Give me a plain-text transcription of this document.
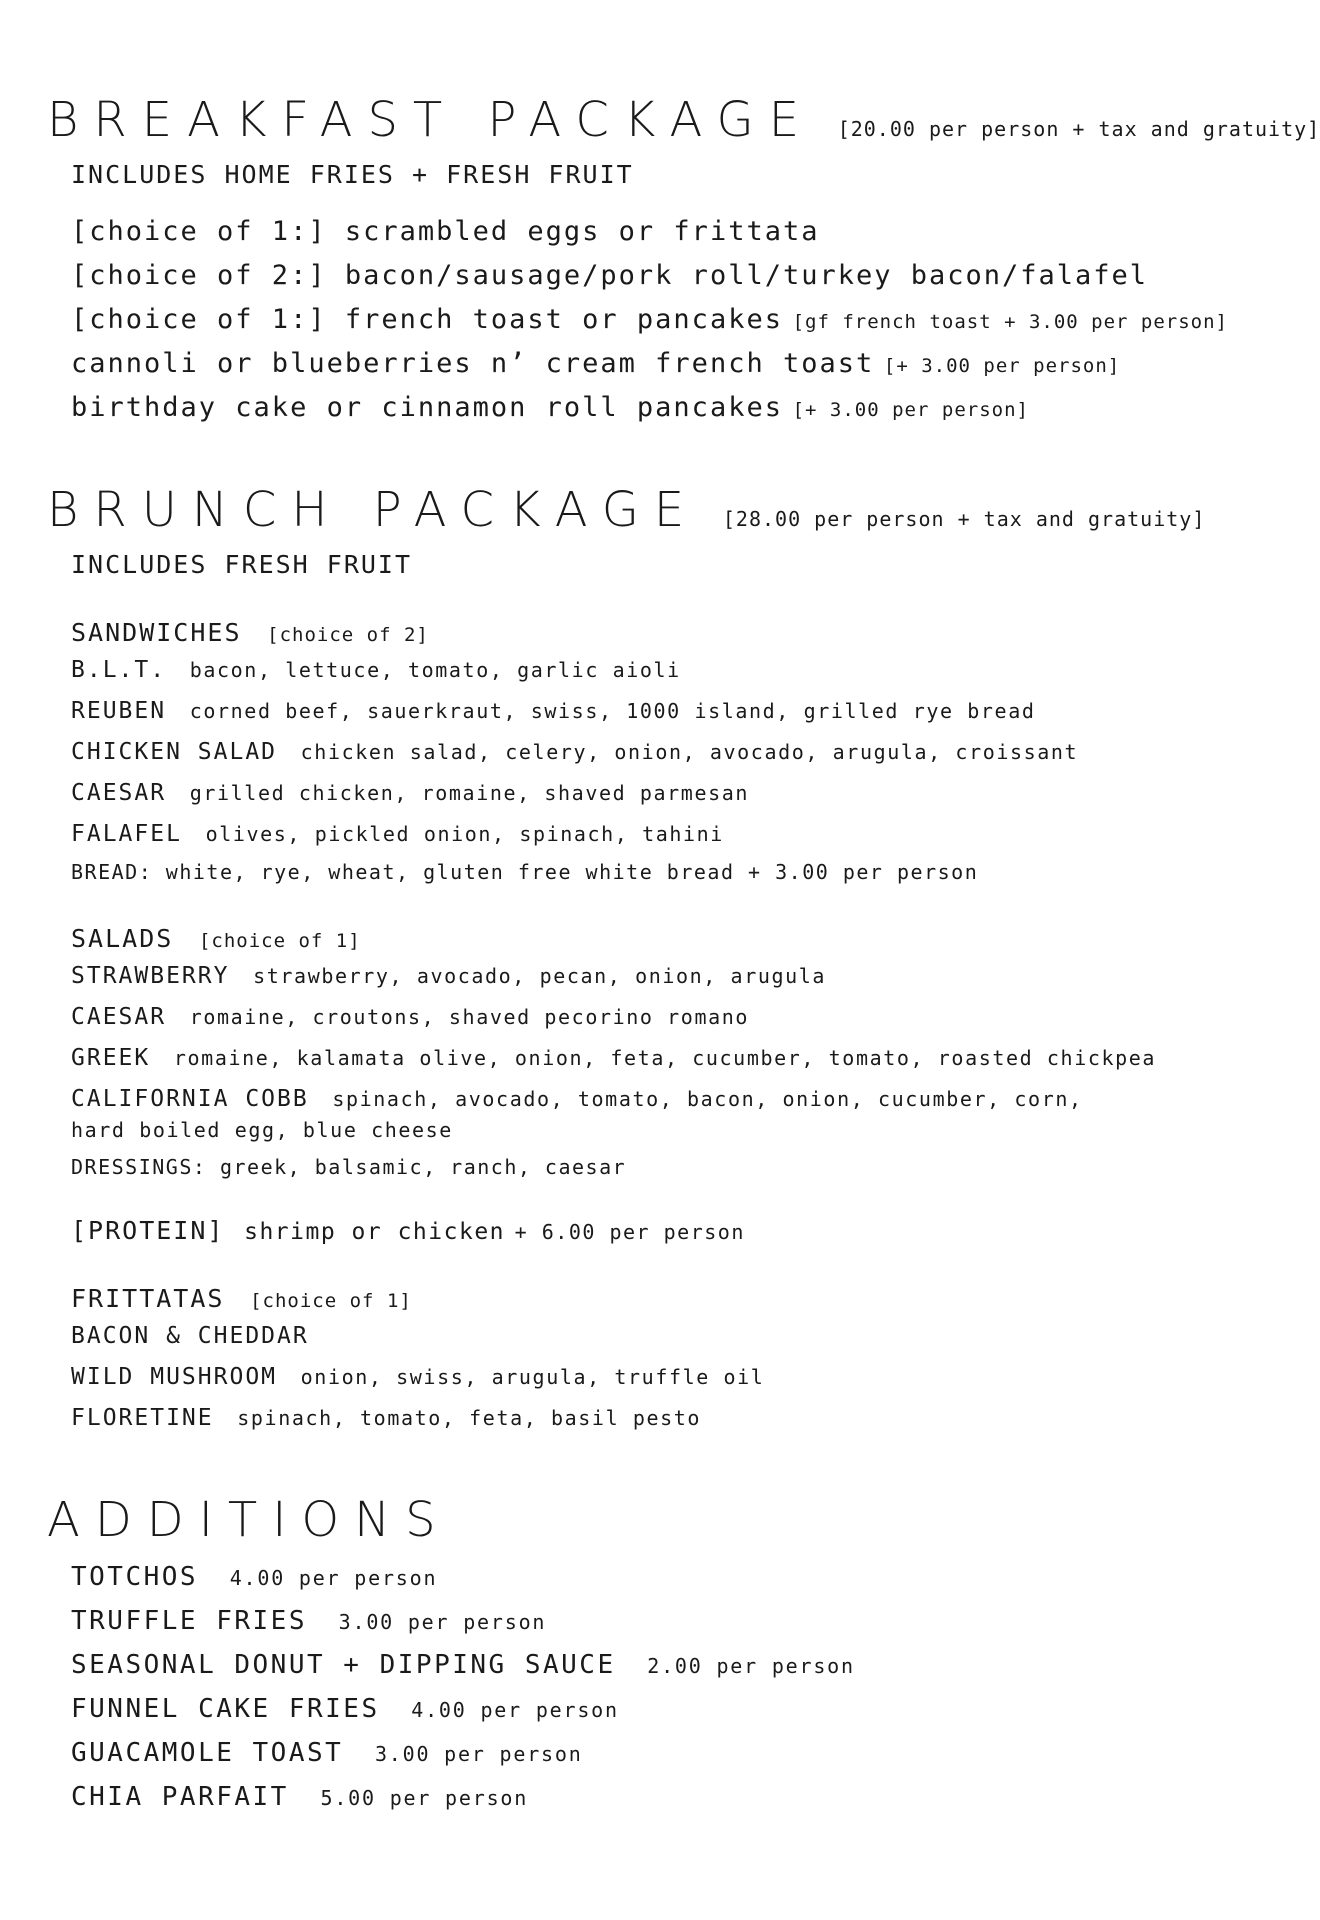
BREAKFAST PACKAGE [20.00 per person + tax and gratuity]
INCLUDES HOME FRIES + FRESH FRUIT
[choice of 1:] scrambled eggs or frittata
[choice of 2:] bacon/sausage/pork roll/turkey bacon/falafel
[choice of 1:] french toast or pancakes [gf french toast + 3.00 per person]
cannoli or blueberries n’ cream french toast [+ 3.00 per person]
birthday cake or cinnamon roll pancakes [+ 3.00 per person]
BRUNCH PACKAGE [28.00 per person + tax and gratuity]
INCLUDES FRESH FRUIT
SANDWICHES [choice of 2]
B.L.T. bacon, lettuce, tomato, garlic aioli
REUBEN corned beef, sauerkraut, swiss, 1000 island, grilled rye bread
CHICKEN SALAD chicken salad, celery, onion, avocado, arugula, croissant
CAESAR grilled chicken, romaine, shaved parmesan
FALAFEL olives, pickled onion, spinach, tahini
BREAD: white, rye, wheat, gluten free white bread + 3.00 per person
SALADS [choice of 1]
STRAWBERRY strawberry, avocado, pecan, onion, arugula
CAESAR romaine, croutons, shaved pecorino romano
GREEK romaine, kalamata olive, onion, feta, cucumber, tomato, roasted chickpea
CALIFORNIA COBB spinach, avocado, tomato, bacon, onion, cucumber, corn,
hard boiled egg, blue cheese
DRESSINGS: greek, balsamic, ranch, caesar
[PROTEIN] shrimp or chicken + 6.00 per person
FRITTATAS [choice of 1]
BACON & CHEDDAR
WILD MUSHROOM onion, swiss, arugula, truffle oil
FLORETINE spinach, tomato, feta, basil pesto
ADDITIONS
TOTCHOS 4.00 per person
TRUFFLE FRIES 3.00 per person
SEASONAL DONUT + DIPPING SAUCE 2.00 per person
FUNNEL CAKE FRIES 4.00 per person
GUACAMOLE TOAST 3.00 per person
CHIA PARFAIT 5.00 per person
